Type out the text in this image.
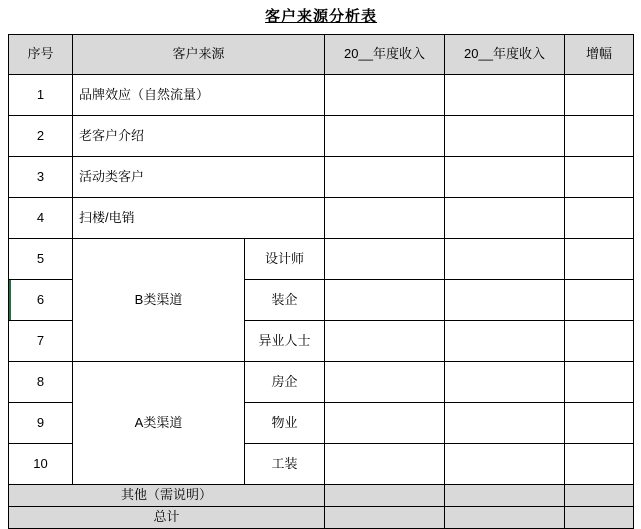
客户来源分析表					
序号	客户来源		20__年度收入	20__年度收入	增幅
1	品牌效应（自然流量）				
2	老客户介绍				
3	活动类客户				
4	扫楼/电销				
5	B类渠道	设计师			
6		装企			
7		异业人士			
8	A类渠道	房企			
9		物业			
10		工装			
其他（需说明）					
总计					
